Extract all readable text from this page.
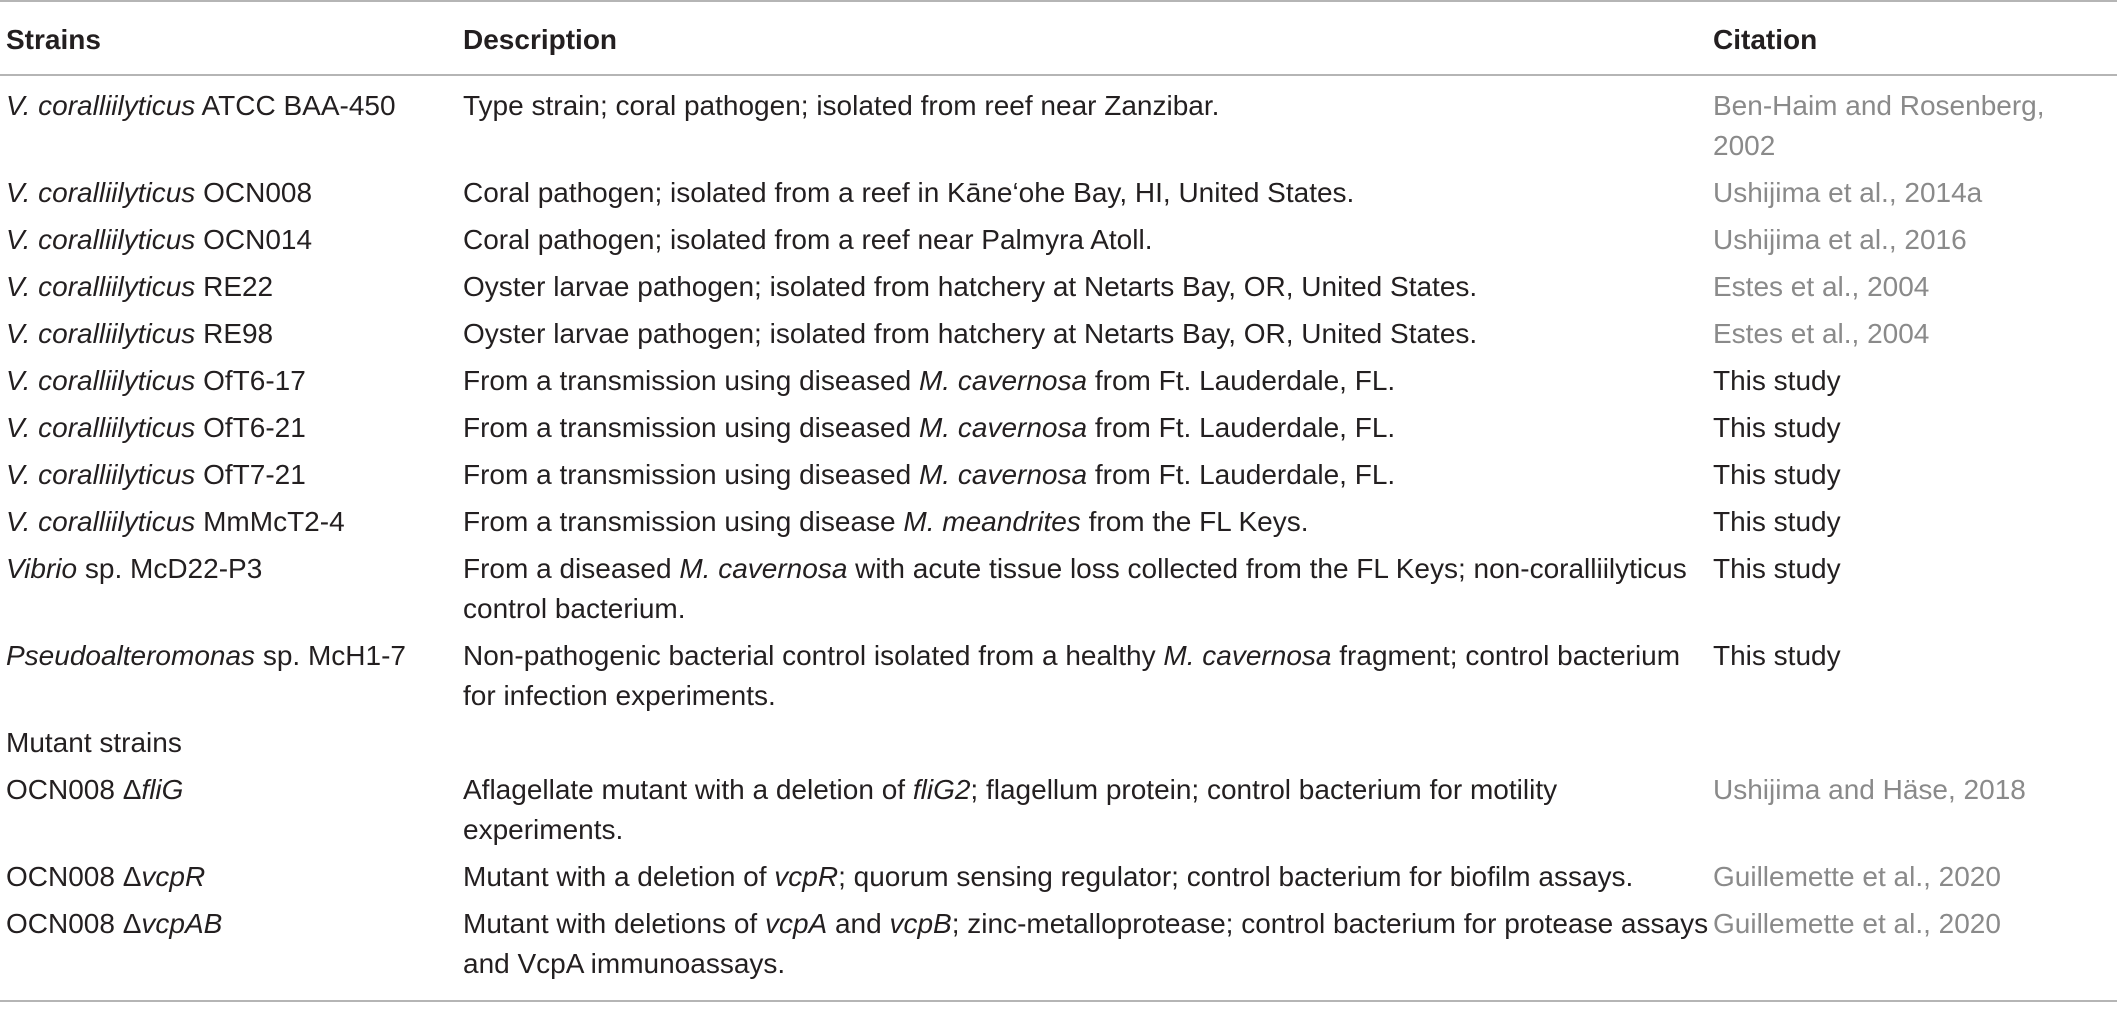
Strains	Description	Citation
V. coralliilyticus ATCC BAA-450	Type strain; coral pathogen; isolated from reef near Zanzibar.	Ben-Haim and Rosenberg, 2002
V. coralliilyticus OCN008	Coral pathogen; isolated from a reef in Kāne‘ohe Bay, HI, United States.	Ushijima et al., 2014a
V. coralliilyticus OCN014	Coral pathogen; isolated from a reef near Palmyra Atoll.	Ushijima et al., 2016
V. coralliilyticus RE22	Oyster larvae pathogen; isolated from hatchery at Netarts Bay, OR, United States.	Estes et al., 2004
V. coralliilyticus RE98	Oyster larvae pathogen; isolated from hatchery at Netarts Bay, OR, United States.	Estes et al., 2004
V. coralliilyticus OfT6-17	From a transmission using diseased M. cavernosa from Ft. Lauderdale, FL.	This study
V. coralliilyticus OfT6-21	From a transmission using diseased M. cavernosa from Ft. Lauderdale, FL.	This study
V. coralliilyticus OfT7-21	From a transmission using diseased M. cavernosa from Ft. Lauderdale, FL.	This study
V. coralliilyticus MmMcT2-4	From a transmission using disease M. meandrites from the FL Keys.	This study
Vibrio sp. McD22-P3	From a diseased M. cavernosa with acute tissue loss collected from the FL Keys; non-coralliilyticus control bacterium.	This study
Pseudoalteromonas sp. McH1-7	Non-pathogenic bacterial control isolated from a healthy M. cavernosa fragment; control bacterium for infection experiments.	This study
Mutant strains		
OCN008 ΔfliG	Aflagellate mutant with a deletion of fliG2; flagellum protein; control bacterium for motility experiments.	Ushijima and Häse, 2018
OCN008 ΔvcpR	Mutant with a deletion of vcpR; quorum sensing regulator; control bacterium for biofilm assays.	Guillemette et al., 2020
OCN008 ΔvcpAB	Mutant with deletions of vcpA and vcpB; zinc-metalloprotease; control bacterium for protease assays and VcpA immunoassays.	Guillemette et al., 2020
